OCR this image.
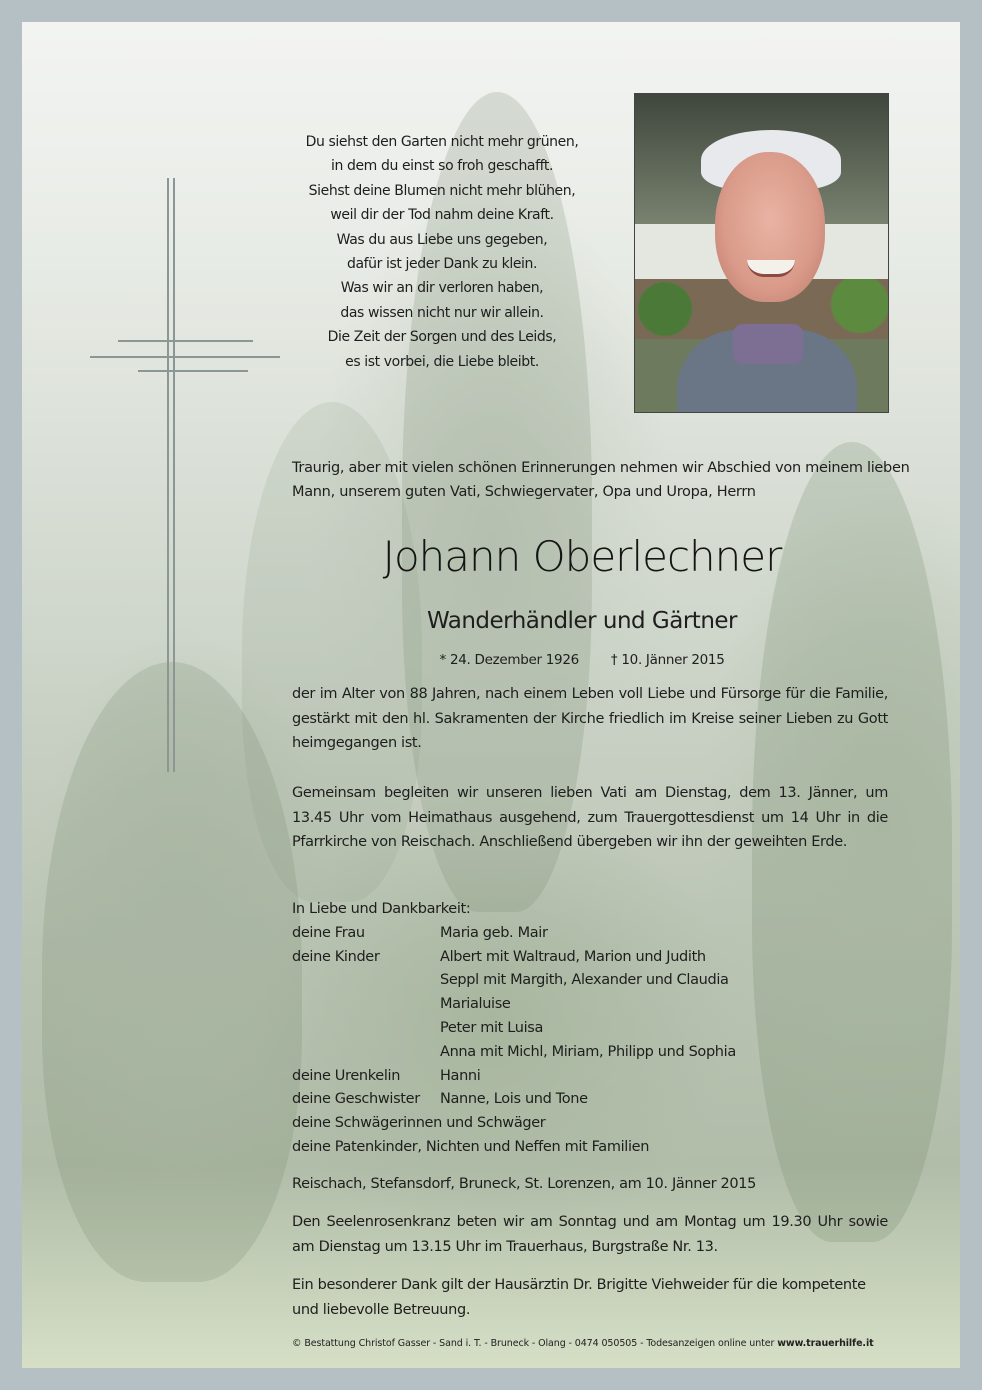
Du siehst den Garten nicht mehr grünen,
in dem du einst so froh geschafft.
Siehst deine Blumen nicht mehr blühen,
weil dir der Tod nahm deine Kraft.
Was du aus Liebe uns gegeben,
dafür ist jeder Dank zu klein.
Was wir an dir verloren haben,
das wissen nicht nur wir allein.
Die Zeit der Sorgen und des Leids,
es ist vorbei, die Liebe bleibt.
Traurig, aber mit vielen schönen Erinnerungen nehmen wir Abschied von meinem lieben
Mann, unserem guten Vati, Schwiegervater, Opa und Uropa, Herrn
Johann Oberlechner
Wanderhändler und Gärtner
* 24. Dezember 1926 † 10. Jänner 2015
der im Alter von 88 Jahren, nach einem Leben voll Liebe und Fürsorge für die Familie, gestärkt mit den hl. Sakramenten der Kirche friedlich im Kreise seiner Lieben zu Gott heimgegangen ist.
Gemeinsam begleiten wir unseren lieben Vati am Dienstag, dem 13. Jänner, um 13.45 Uhr vom Heimathaus ausgehend, zum Trauergottesdienst um 14 Uhr in die Pfarrkirche von Reischach. Anschließend übergeben wir ihn der geweihten Erde.
In Liebe und Dankbarkeit:
deine Frau	Maria geb. Mair
deine Kinder	Albert mit Waltraud, Marion und Judith
Seppl mit Margith, Alexander und Claudia
Marialuise
Peter mit Luisa
Anna mit Michl, Miriam, Philipp und Sophia
deine Urenkelin	Hanni
deine Geschwister	Nanne, Lois und Tone
deine Schwägerinnen und Schwäger
deine Patenkinder, Nichten und Neffen mit Familien
Reischach, Stefansdorf, Bruneck, St. Lorenzen, am 10. Jänner 2015
Den Seelenrosenkranz beten wir am Sonntag und am Montag um 19.30 Uhr sowie am Dienstag um 13.15 Uhr im Trauerhaus, Burgstraße Nr. 13.
Ein besonderer Dank gilt der Hausärztin Dr. Brigitte Viehweider für die kompetente und liebevolle Betreuung.
© Bestattung Christof Gasser - Sand i. T. - Bruneck - Olang - 0474 050505 - Todesanzeigen online unter www.trauerhilfe.it
